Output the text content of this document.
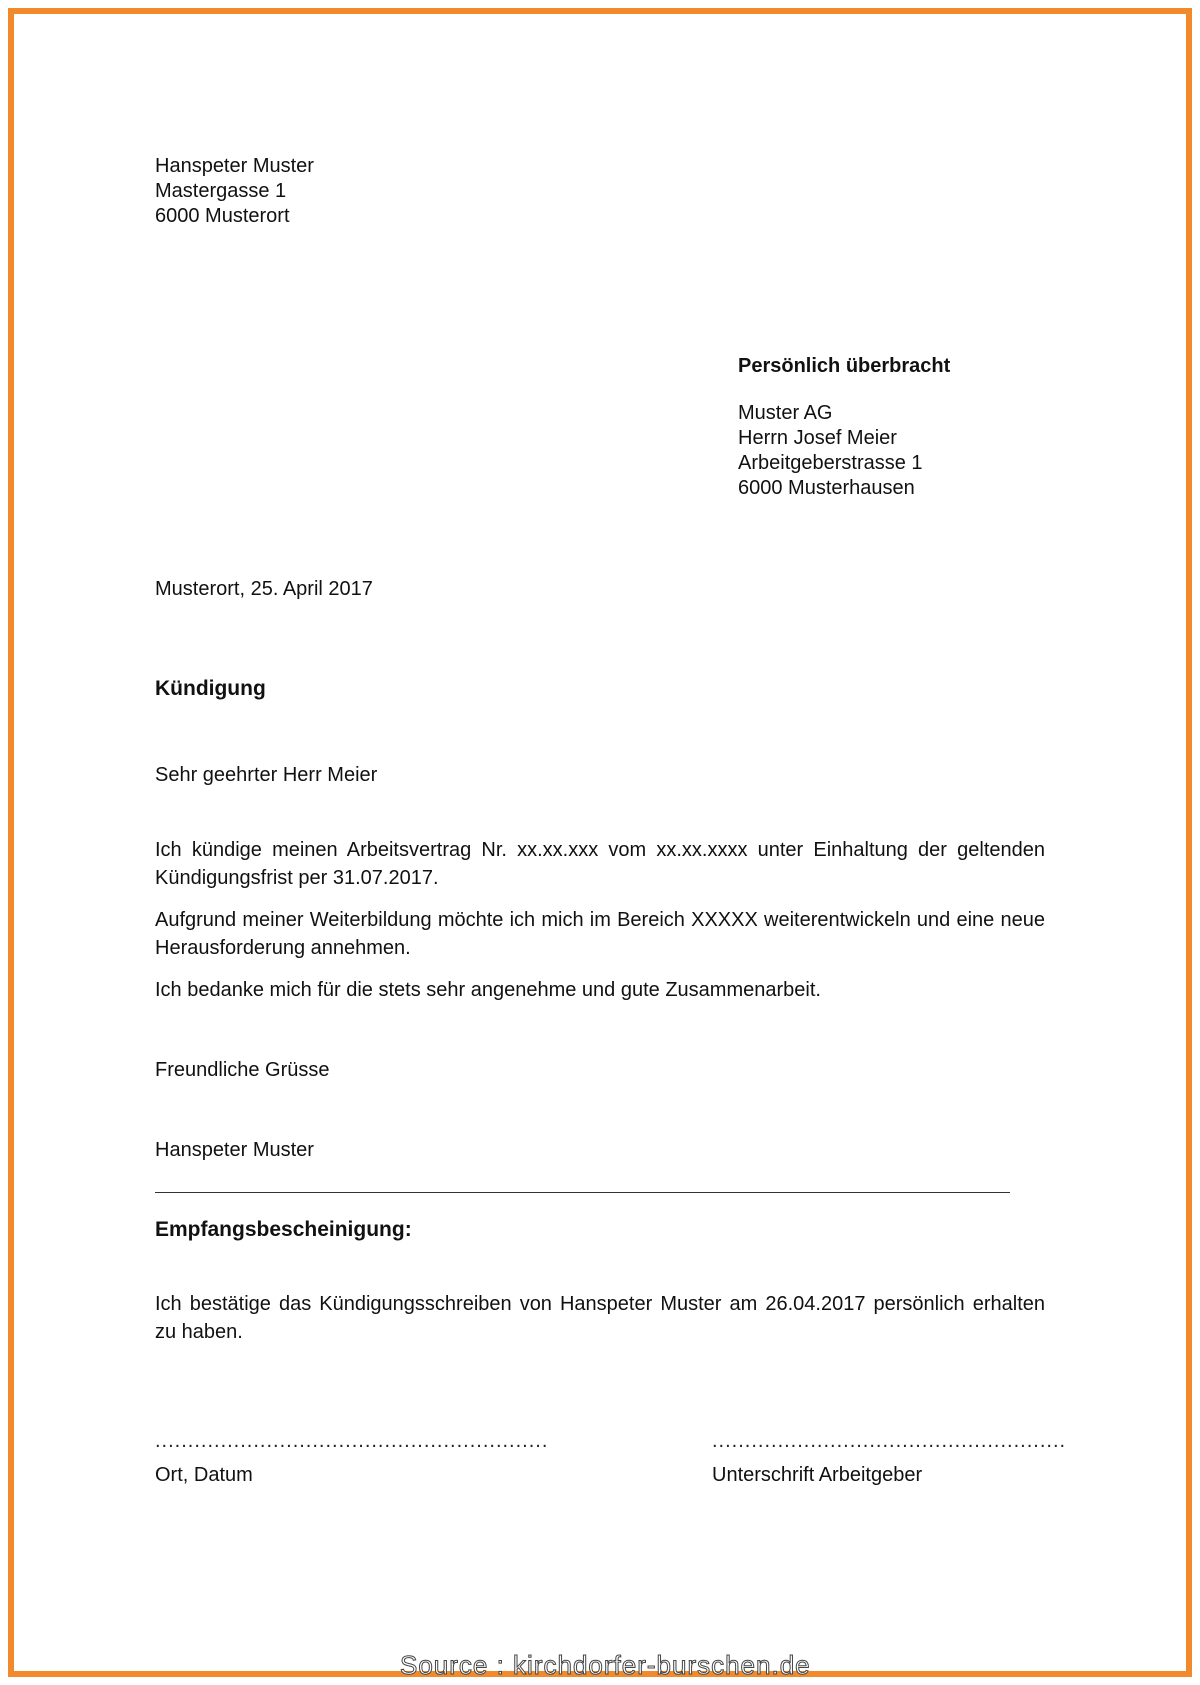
Hanspeter Muster
Mastergasse 1
6000 Musterort
Persönlich überbracht
Muster AG
Herrn Josef Meier
Arbeitgeberstrasse 1
6000 Musterhausen
Musterort, 25. April 2017
Kündigung
Sehr geehrter Herr Meier
Ich kündige meinen Arbeitsvertrag Nr. xx.xx.xxx vom xx.xx.xxxx unter Einhaltung der geltenden Kündigungsfrist per 31.07.2017.
Aufgrund meiner Weiterbildung möchte ich mich im Bereich XXXXX weiterentwickeln und eine neue Herausforderung annehmen.
Ich bedanke mich für die stets sehr angenehme und gute Zusammenarbeit.
Freundliche Grüsse
Hanspeter Muster
Empfangsbescheinigung:
Ich bestätige das Kündigungsschreiben von Hanspeter Muster am 26.04.2017 persönlich erhalten zu haben.
............................................................	......................................................
Ort, Datum	Unterschrift Arbeitgeber
Source : kirchdorfer-burschen.de
